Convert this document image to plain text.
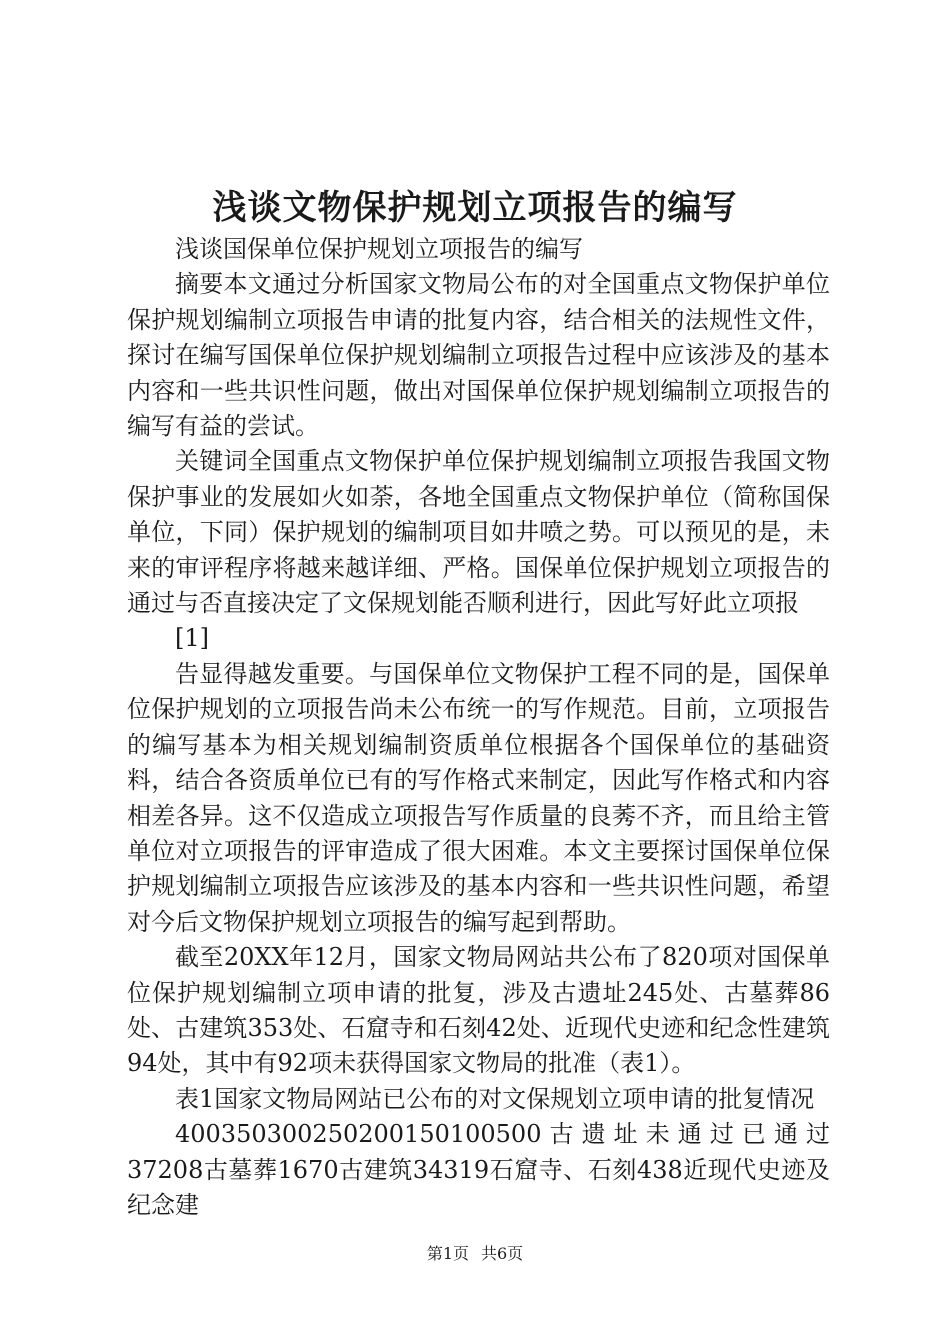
浅谈文物保护规划立项报告的编写

浅谈国保单位保护规划立项报告的编写

摘要本文通过分析国家文物局公布的对全国重点文物保护单位保护规划编制立项报告申请的批复内容，结合相关的法规性文件，探讨在编写国保单位保护规划编制立项报告过程中应该涉及的基本内容和一些共识性问题，做出对国保单位保护规划编制立项报告的编写有益的尝试。

关键词全国重点文物保护单位保护规划编制立项报告我国文物保护事业的发展如火如荼，各地全国重点文物保护单位（简称国保单位，下同）保护规划的编制项目如井喷之势。可以预见的是，未来的审评程序将越来越详细、严格。国保单位保护规划立项报告的通过与否直接决定了文保规划能否顺利进行，因此写好此立项报

[1]

告显得越发重要。与国保单位文物保护工程不同的是，国保单位保护规划的立项报告尚未公布统一的写作规范。目前，立项报告的编写基本为相关规划编制资质单位根据各个国保单位的基础资料，结合各资质单位已有的写作格式来制定，因此写作格式和内容相差各异。这不仅造成立项报告写作质量的良莠不齐，而且给主管单位对立项报告的评审造成了很大困难。本文主要探讨国保单位保护规划编制立项报告应该涉及的基本内容和一些共识性问题，希望对今后文物保护规划立项报告的编写起到帮助。

截至20XX年12月，国家文物局网站共公布了820项对国保单位保护规划编制立项申请的批复，涉及古遗址245处、古墓葬86处、古建筑353处、石窟寺和石刻42处、近现代史迹和纪念性建筑94处，其中有92项未获得国家文物局的批准（表1）。

表1国家文物局网站已公布的对文保规划立项申请的批复情况

400350300250200150100500古遗址未通过已通过37208古墓葬1670古建筑34319石窟寺、石刻438近现代史迹及纪念建

第1页 共6页
